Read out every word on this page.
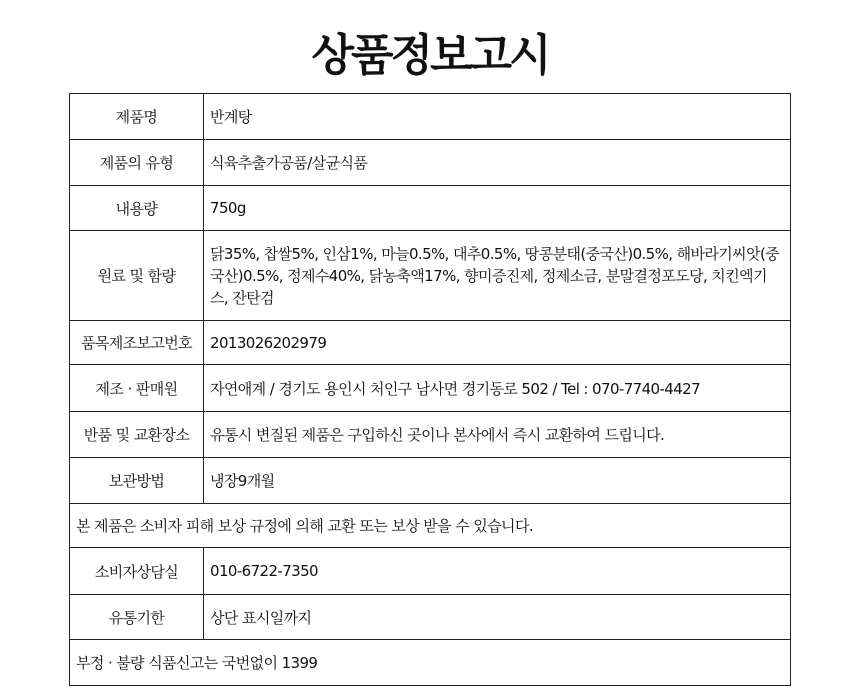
상품정보고시
제품명	반계탕
제품의 유형	식육추출가공품/살균식품
내용량	750g
원료 및 함량	닭35%, 찹쌀5%, 인삼1%, 마늘0.5%, 대추0.5%, 땅콩분태(중국산)0.5%, 해바라기씨앗(중국산)0.5%, 정제수40%, 닭농축액17%, 향미증진제, 정제소금, 분말결정포도당, 치킨엑기스, 잔탄검
품목제조보고번호	2013026202979
제조 · 판매원	자연애계 / 경기도 용인시 처인구 남사면 경기동로 502 / Tel : 070-7740-4427
반품 및 교환장소	유통시 변질된 제품은 구입하신 곳이나 본사에서 즉시 교환하여 드립니다.
보관방법	냉장9개월
본 제품은 소비자 피해 보상 규정에 의해 교환 또는 보상 받을 수 있습니다.	
소비자상담실	010-6722-7350
유통기한	상단 표시일까지
부정 · 불량 식품신고는 국번없이 1399	
